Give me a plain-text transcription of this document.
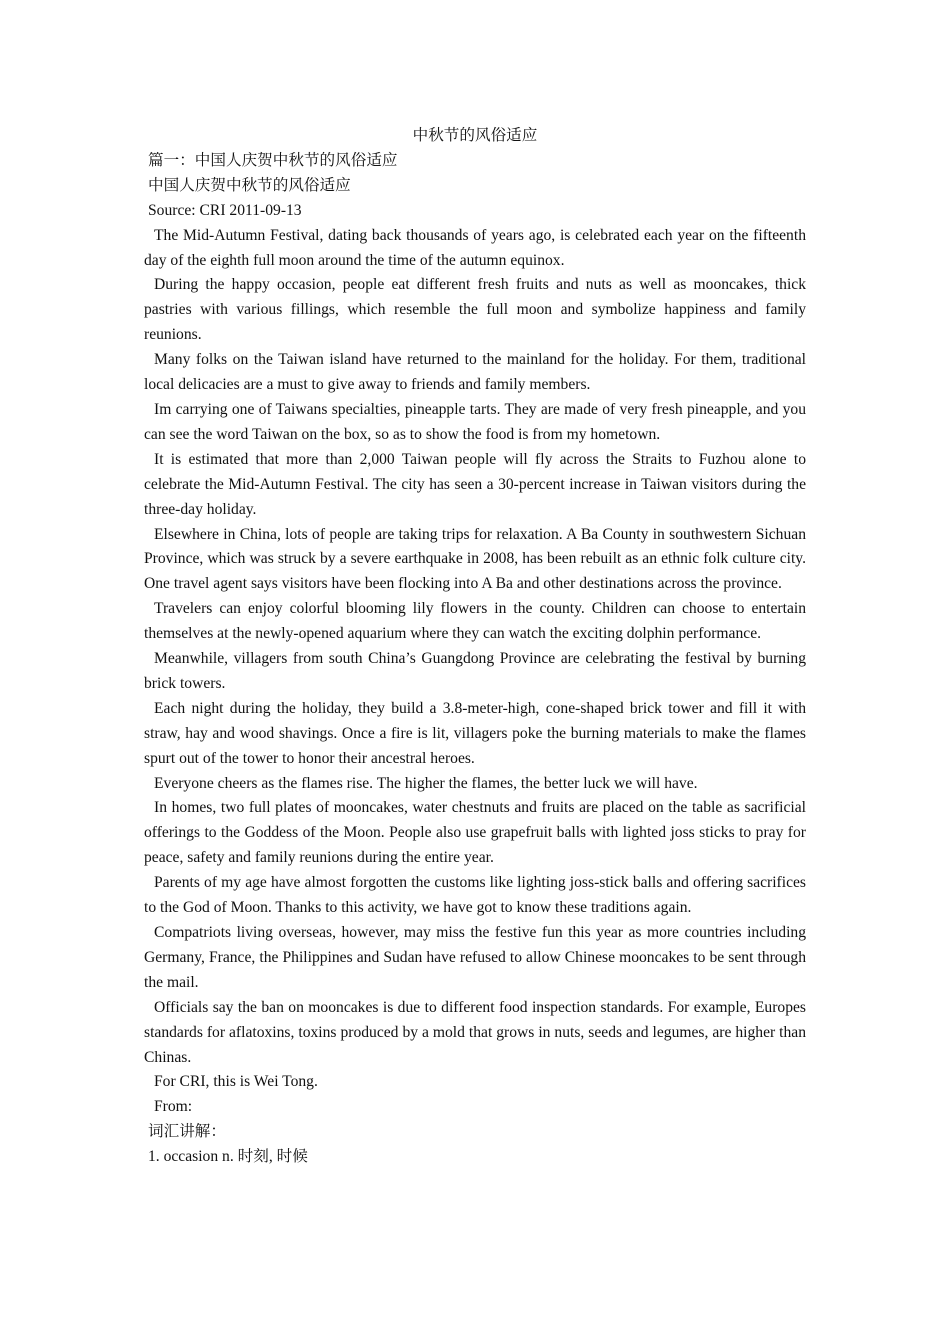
中秋节的风俗适应

篇一：中国人庆贺中秋节的风俗适应

中国人庆贺中秋节的风俗适应

Source: CRI 2011-09-13

The Mid-Autumn Festival, dating back thousands of years ago, is celebrated each year on the fifteenth day of the eighth full moon around the time of the autumn equinox.

During the happy occasion, people eat different fresh fruits and nuts as well as mooncakes, thick pastries with various fillings, which resemble the full moon and symbolize happiness and family reunions.

Many folks on the Taiwan island have returned to the mainland for the holiday. For them, traditional local delicacies are a must to give away to friends and family members.

Im carrying one of Taiwans specialties, pineapple tarts. They are made of very fresh pineapple, and you can see the word Taiwan on the box, so as to show the food is from my hometown.

It is estimated that more than 2,000 Taiwan people will fly across the Straits to Fuzhou alone to celebrate the Mid-Autumn Festival. The city has seen a 30-percent increase in Taiwan visitors during the three-day holiday.

Elsewhere in China, lots of people are taking trips for relaxation. A Ba County in southwestern Sichuan Province, which was struck by a severe earthquake in 2008, has been rebuilt as an ethnic folk culture city. One travel agent says visitors have been flocking into A Ba and other destinations across the province.

Travelers can enjoy colorful blooming lily flowers in the county. Children can choose to entertain themselves at the newly-opened aquarium where they can watch the exciting dolphin performance.

Meanwhile, villagers from south China’s Guangdong Province are celebrating the festival by burning brick towers.

Each night during the holiday, they build a 3.8-meter-high, cone-shaped brick tower and fill it with straw, hay and wood shavings. Once a fire is lit, villagers poke the burning materials to make the flames spurt out of the tower to honor their ancestral heroes.

Everyone cheers as the flames rise. The higher the flames, the better luck we will have.

In homes, two full plates of mooncakes, water chestnuts and fruits are placed on the table as sacrificial offerings to the Goddess of the Moon. People also use grapefruit balls with lighted joss sticks to pray for peace, safety and family reunions during the entire year.

Parents of my age have almost forgotten the customs like lighting joss-stick balls and offering sacrifices to the God of Moon. Thanks to this activity, we have got to know these traditions again.

Compatriots living overseas, however, may miss the festive fun this year as more countries including Germany, France, the Philippines and Sudan have refused to allow Chinese mooncakes to be sent through the mail.

Officials say the ban on mooncakes is due to different food inspection standards. For example, Europes standards for aflatoxins, toxins produced by a mold that grows in nuts, seeds and legumes, are higher than Chinas.

For CRI, this is Wei Tong.

From:

词汇讲解：

1. occasion n. 时刻, 时候
